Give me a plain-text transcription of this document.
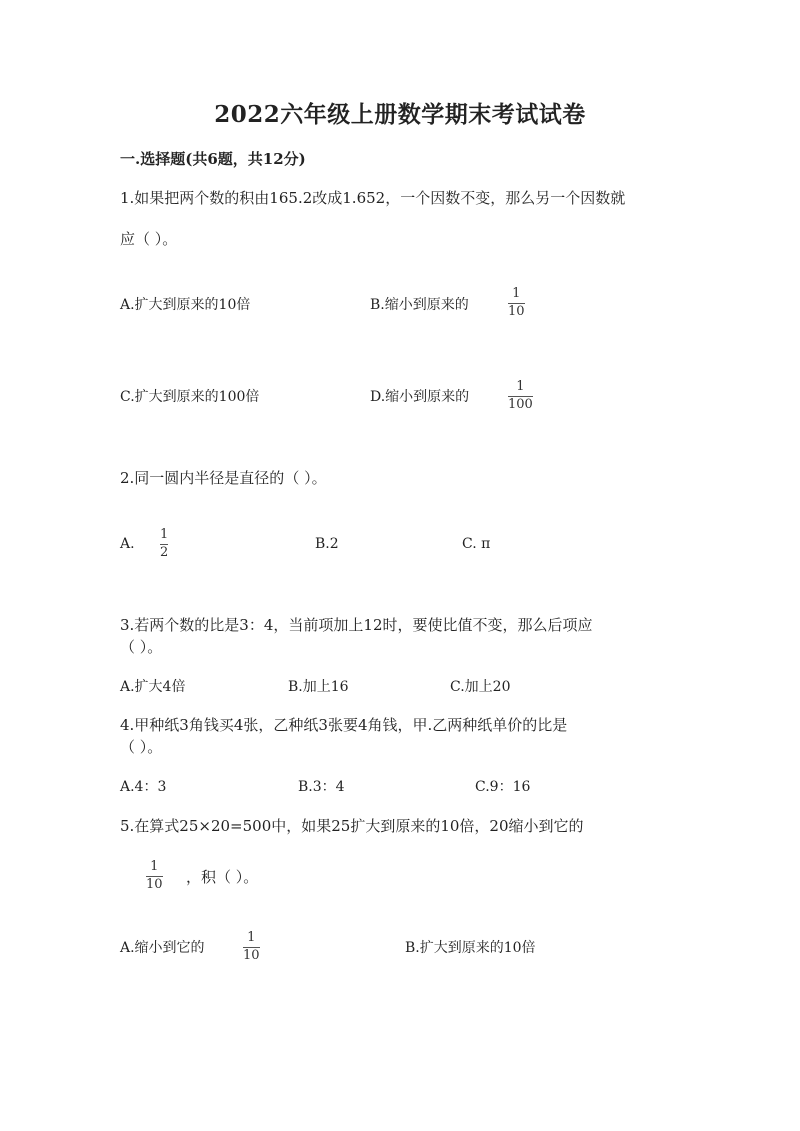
2022六年级上册数学期末考试试卷
一.选择题(共6题，共12分)
1.如果把两个数的积由165.2改成1.652，一个因数不变，那么另一个因数就
应（ ）。
A.扩大到原来的10倍	B.缩小到原来的
1
10
C.扩大到原来的100倍	D.缩小到原来的
1
100
2.同一圆内半径是直径的（ ）。
A.
1
2
B.2	C. π
3.若两个数的比是3：4，当前项加上12时，要使比值不变，那么后项应
（ ）。
A.扩大4倍	B.加上16	C.加上20
4.甲种纸3角钱买4张，乙种纸3张要4角钱，甲.乙两种纸单价的比是
（ ）。
A.4：3	B.3：4	C.9：16
5.在算式25×20=500中，如果25扩大到原来的10倍，20缩小到它的
1
10 ，积（ ）。
A.缩小到它的
1
10	B.扩大到原来的10倍
